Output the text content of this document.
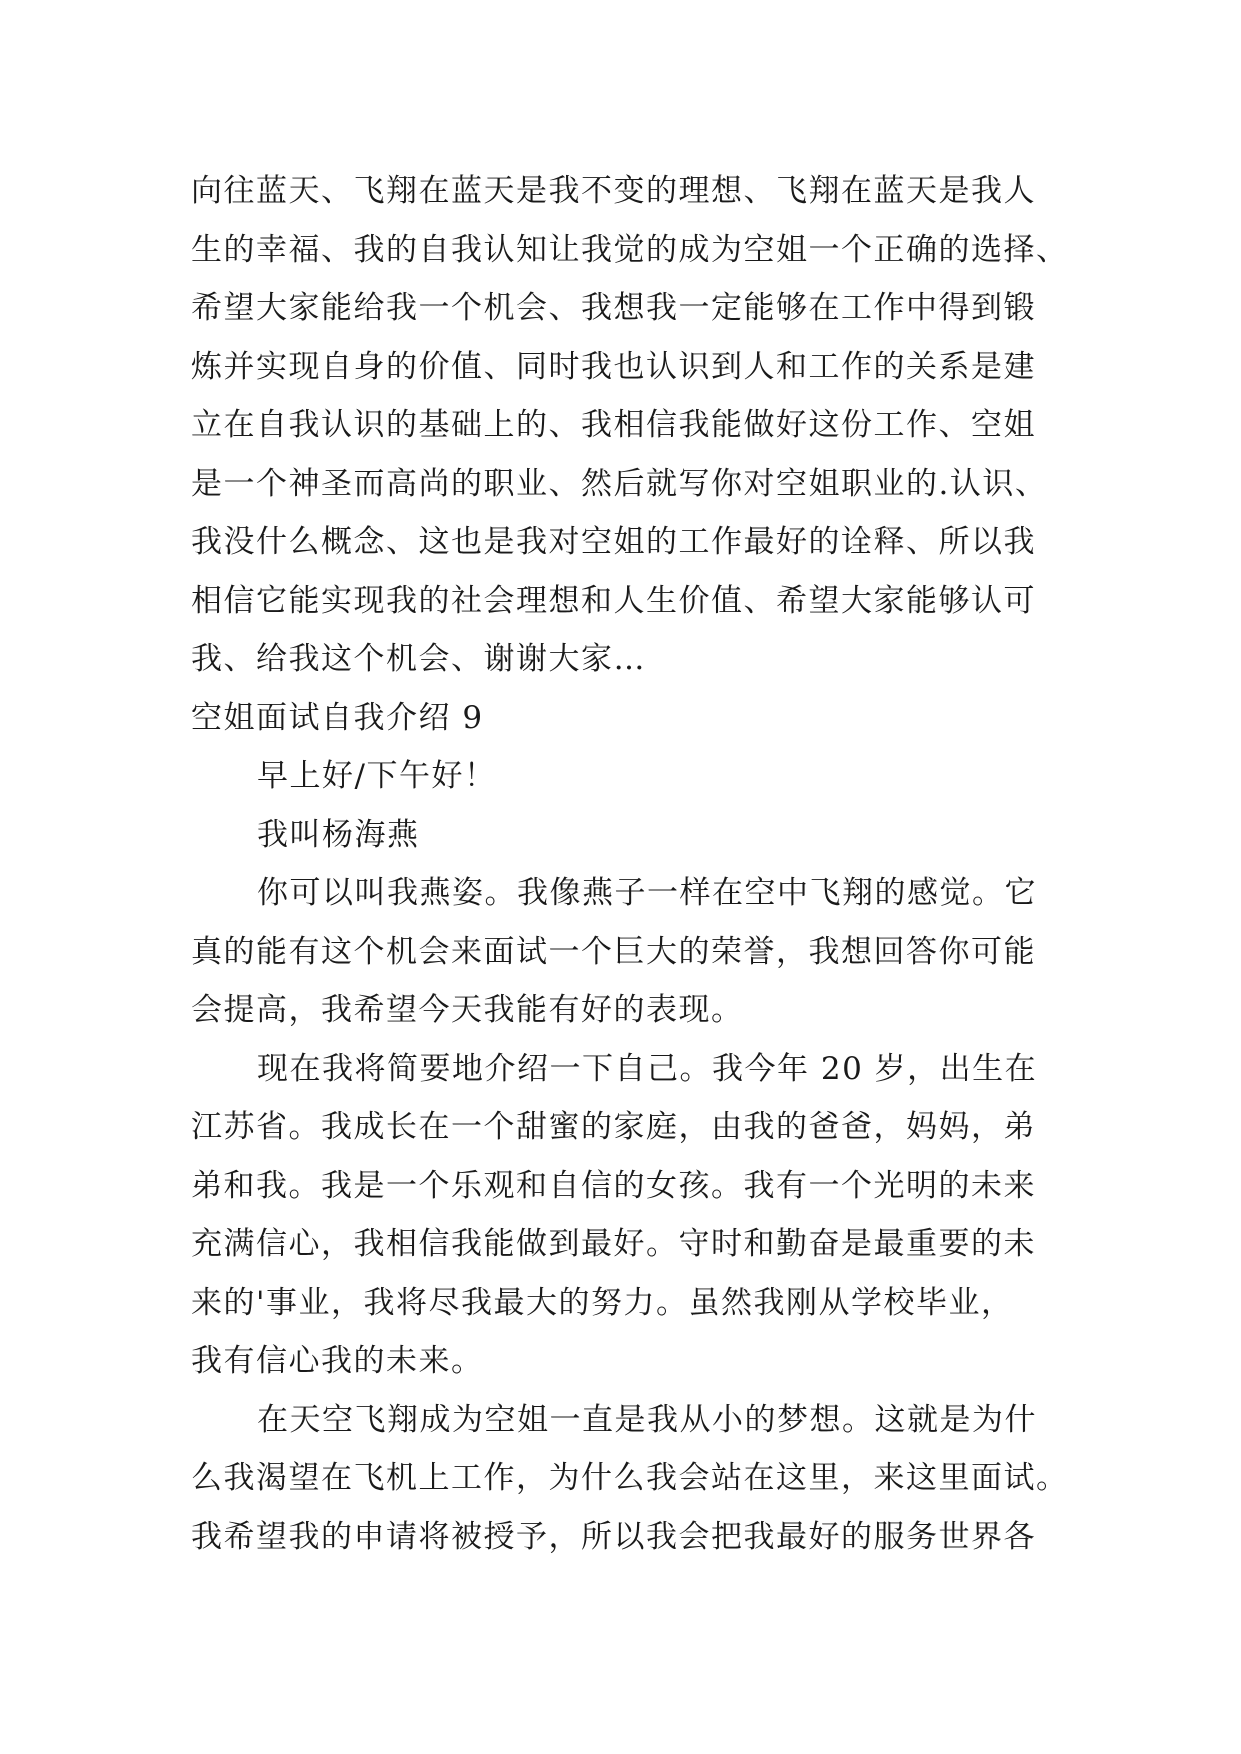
向往蓝天、飞翔在蓝天是我不变的理想、飞翔在蓝天是我人

生的幸福、我的自我认知让我觉的成为空姐一个正确的选择、

希望大家能给我一个机会、我想我一定能够在工作中得到锻

炼并实现自身的价值、同时我也认识到人和工作的关系是建

立在自我认识的基础上的、我相信我能做好这份工作、空姐

是一个神圣而高尚的职业、然后就写你对空姐职业的.认识、

我没什么概念、这也是我对空姐的工作最好的诠释、所以我

相信它能实现我的社会理想和人生价值、希望大家能够认可

我、给我这个机会、谢谢大家…

空姐面试自我介绍 9

早上好/下午好！

我叫杨海燕

你可以叫我燕姿。我像燕子一样在空中飞翔的感觉。它

真的能有这个机会来面试一个巨大的荣誉，我想回答你可能

会提高，我希望今天我能有好的表现。

现在我将简要地介绍一下自己。我今年 20 岁，出生在

江苏省。我成长在一个甜蜜的家庭，由我的爸爸，妈妈，弟

弟和我。我是一个乐观和自信的女孩。我有一个光明的未来

充满信心，我相信我能做到最好。守时和勤奋是最重要的未

来的'事业，我将尽我最大的努力。虽然我刚从学校毕业，

我有信心我的未来。

在天空飞翔成为空姐一直是我从小的梦想。这就是为什

么我渴望在飞机上工作，为什么我会站在这里，来这里面试。

我希望我的申请将被授予，所以我会把我最好的服务世界各
